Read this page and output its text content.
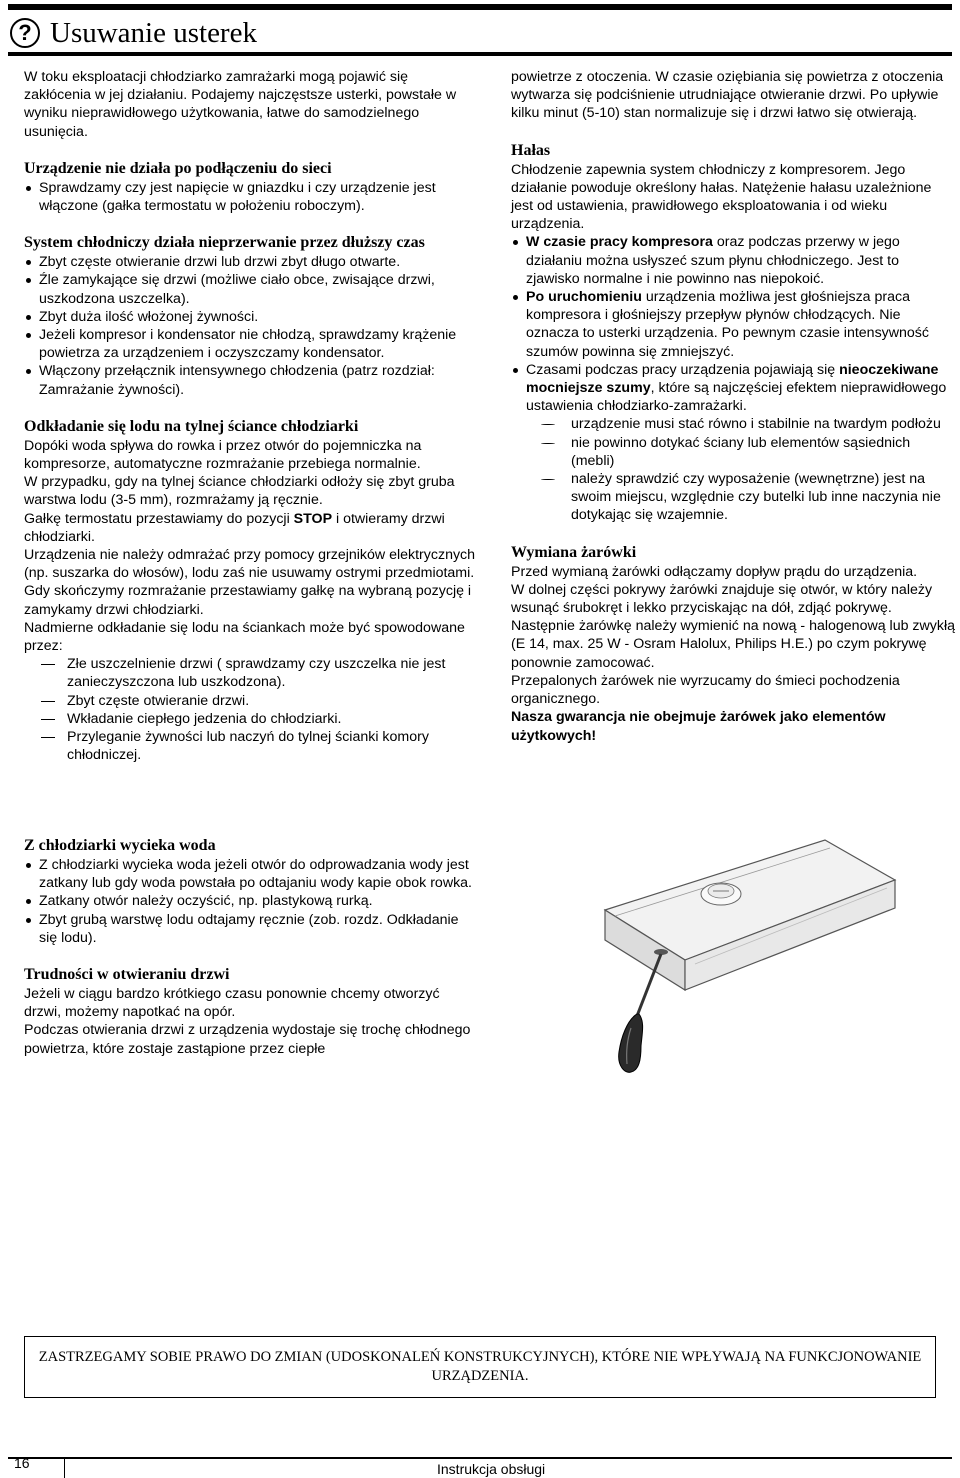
? Usuwanie usterek

W toku eksploatacji chłodziarko zamrażarki mogą pojawić się zakłócenia w jej działaniu. Podajemy najczęstsze usterki, powstałe w wyniku nieprawidłowego użytkowania, łatwe do samodzielnego usunięcia.

Urządzenie nie działa po podłączeniu do sieci
Sprawdzamy czy jest napięcie w gniazdku i czy urządzenie jest włączone (gałka termostatu w położeniu roboczym).
System chłodniczy działa nieprzerwanie przez dłuższy czas
Zbyt częste otwieranie drzwi lub drzwi zbyt długo otwarte.
Źle zamykające się drzwi (możliwe ciało obce, zwisające drzwi, uszkodzona uszczelka).
Zbyt duża ilość włożonej żywności.
Jeżeli kompresor i kondensator nie chłodzą, sprawdzamy krążenie powietrza za urządzeniem i oczyszczamy kondensator.
Włączony przełącznik intensywnego chłodzenia (patrz rozdział: Zamrażanie żywności).
Odkładanie się lodu na tylnej ściance chłodziarki

Dopóki woda spływa do rowka i przez otwór do pojemniczka na kompresorze, automatyczne rozmrażanie przebiega normalnie.

W przypadku, gdy na tylnej ściance chłodziarki odłoży się zbyt gruba warstwa lodu (3-5 mm), rozmrażamy ją ręcznie.

Gałkę termostatu przestawiamy do pozycji STOP i otwieramy drzwi chłodziarki.

Urządzenia nie należy odmrażać przy pomocy grzejników elektrycznych (np. suszarka do włosów), lodu zaś nie usuwamy ostrymi przedmiotami.

Gdy skończymy rozmrażanie przestawiamy gałkę na wybraną pozycję i zamykamy drzwi chłodziarki.

Nadmierne odkładanie się lodu na ściankach może być spowodowane przez:

Złe uszczelnienie drzwi ( sprawdzamy czy uszczelka nie jest zanieczyszczona lub uszkodzona).
Zbyt częste otwieranie drzwi.
Wkładanie ciepłego jedzenia do chłodziarki.
Przyleganie żywności lub naczyń do tylnej ścianki komory chłodniczej.
Z chłodziarki wycieka woda
Z chłodziarki wycieka woda jeżeli otwór do odprowadzania wody jest zatkany lub gdy woda powstała po odtajaniu wody kapie obok rowka.
Zatkany otwór należy oczyścić, np. plastykową rurką.
Zbyt grubą warstwę lodu odtajamy ręcznie (zob. rozdz. Odkładanie się lodu).
Trudności w otwieraniu drzwi

Jeżeli w ciągu bardzo krótkiego czasu ponownie chcemy otworzyć drzwi, możemy napotkać na opór.

Podczas otwierania drzwi z urządzenia wydostaje się trochę chłodnego powietrza, które zostaje zastąpione przez ciepłe

powietrze z otoczenia. W czasie oziębiania się powietrza z otoczenia wytwarza się podciśnienie utrudniające otwieranie drzwi. Po upływie kilku minut (5-10) stan normalizuje się i drzwi łatwo się otwierają.

Hałas

Chłodzenie zapewnia system chłodniczy z kompresorem. Jego działanie powoduje określony hałas. Natężenie hałasu uzależnione jest od ustawienia, prawidłowego eksploatowania i od wieku urządzenia.

W czasie pracy kompresora oraz podczas przerwy w jego działaniu można usłyszeć szum płynu chłodniczego. Jest to zjawisko normalne i nie powinno nas niepokoić.
Po uruchomieniu urządzenia możliwa jest głośniejsza praca kompresora i głośniejszy przepływ płynów chłodzących. Nie oznacza to usterki urządzenia. Po pewnym czasie intensywność szumów powinna się zmniejszyć.
Czasami podczas pracy urządzenia pojawiają się nieoczekiwane mocniejsze szumy, które są najczęściej efektem nieprawidłowego ustawienia chłodziarko-zamrażarki.
urządzenie musi stać równo i stabilnie na twardym podłożu
nie powinno dotykać ściany lub elementów sąsiednich (mebli)
należy sprawdzić czy wyposażenie (wewnętrzne) jest na swoim miejscu, względnie czy butelki lub inne naczynia nie dotykając się wzajemnie.
Wymiana żarówki

Przed wymianą żarówki odłączamy dopływ prądu do urządzenia.

W dolnej części pokrywy żarówki znajduje się otwór, w który należy wsunąć śrubokręt i lekko przyciskając na dół, zdjąć pokrywę. Następnie żarówkę należy wymienić na nową - halogenową lub zwykłą (E 14, max. 25 W - Osram Halolux, Philips H.E.) po czym pokrywę ponownie zamocować.

Przepalonych żarówek nie wyrzucamy do śmieci pochodzenia organicznego.

Nasza gwarancja nie obejmuje żarówek jako elementów użytkowych!

ZASTRZEGAMY SOBIE PRAWO DO ZMIAN (UDOSKONALEŃ KONSTRUKCYJNYCH), KTÓRE NIE WPŁYWAJĄ NA FUNKCJONOWANIE URZĄDZENIA.
16	Instrukcja obsługi
